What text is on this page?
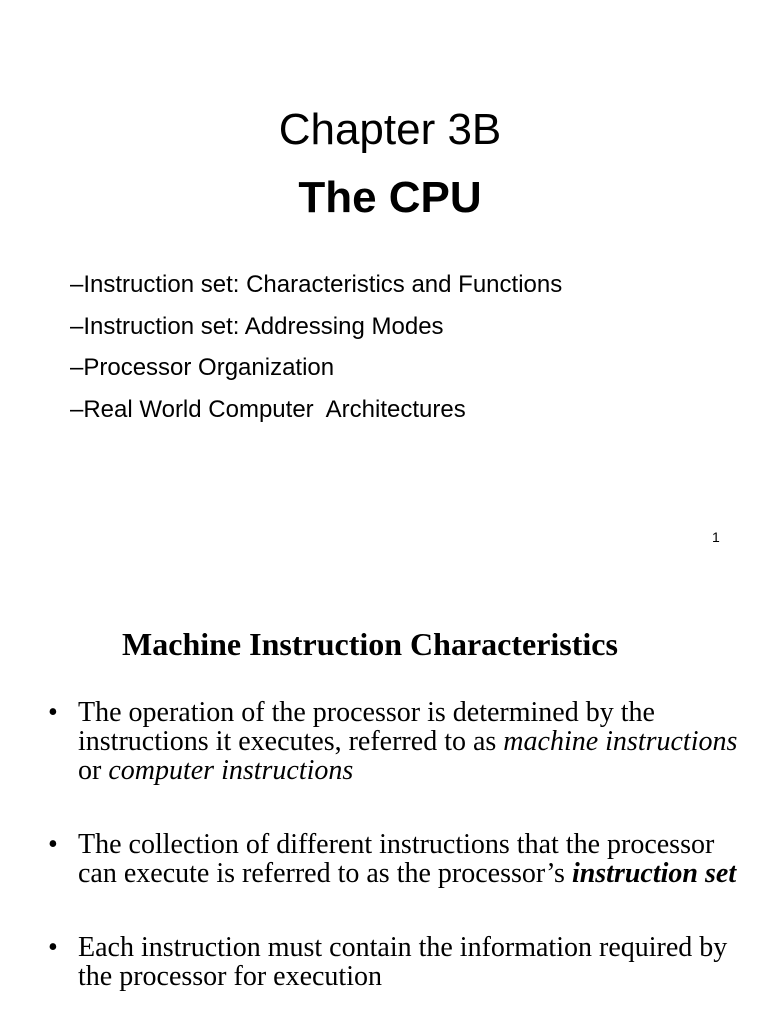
Chapter 3B
The CPU
–Instruction set: Characteristics and Functions
–Instruction set: Addressing Modes
–Processor Organization
–Real World Computer  Architectures
1
Machine Instruction Characteristics
• The operation of the processor is determined by the instructions it executes, referred to as machine instructions or computer instructions
• The collection of different instructions that the processor can execute is referred to as the processor’s instruction set
• Each instruction must contain the information required by the processor for execution
